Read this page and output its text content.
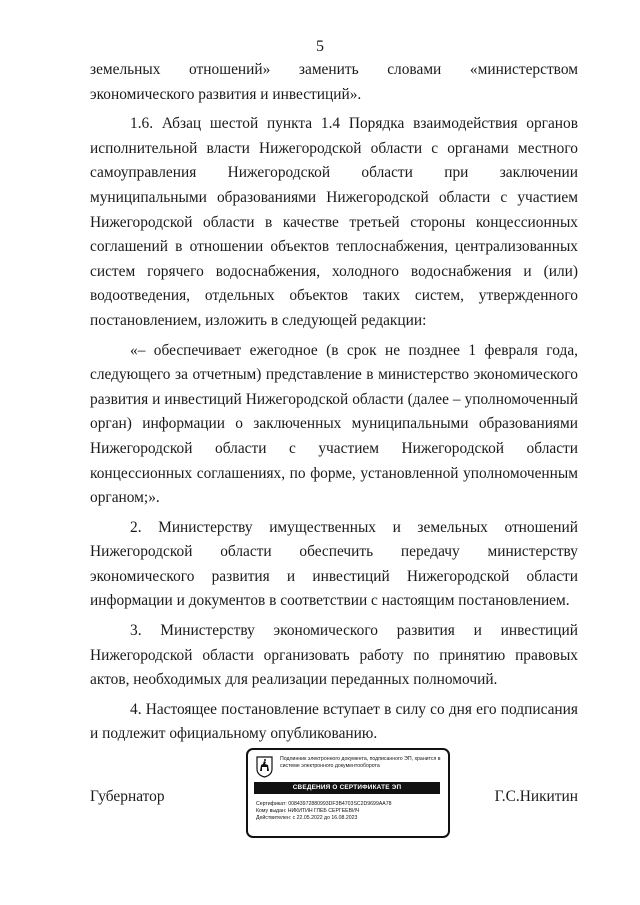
5

земельных отношений» заменить словами «министерством экономического развития и инвестиций».

1.6. Абзац шестой пункта 1.4 Порядка взаимодействия органов исполнительной власти Нижегородской области с органами местного самоуправления Нижегородской области при заключении муниципальными образованиями Нижегородской области с участием Нижегородской области в качестве третьей стороны концессионных соглашений в отношении объектов теплоснабжения, централизованных систем горячего водоснабжения, холодного водоснабжения и (или) водоотведения, отдельных объектов таких систем, утвержденного постановлением, изложить в следующей редакции:

«– обеспечивает ежегодное (в срок не позднее 1 февраля года, следующего за отчетным) представление в министерство экономического развития и инвестиций Нижегородской области (далее – уполномоченный орган) информации о заключенных муниципальными образованиями Нижегородской области с участием Нижегородской области концессионных соглашениях, по форме, установленной уполномоченным органом;».

2. Министерству имущественных и земельных отношений Нижегородской области обеспечить передачу министерству экономического развития и инвестиций Нижегородской области информации и документов в соответствии с настоящим постановлением.

3. Министерству экономического развития и инвестиций Нижегородской области организовать работу по принятию правовых актов, необходимых для реализации переданных полномочий.

4. Настоящее постановление вступает в силу со дня его подписания и подлежит официальному опубликованию.

Губернатор	Г.С.Никитин
Подлинник электронного документа, подписанного ЭП, хранится в системе электронного документооборота
СВЕДЕНИЯ О СЕРТИФИКАТЕ ЭП
Сертификат: 00843972880993DF3B4703SC2D9699AA78
Кому выдан: НИКИТИН ГЛЕБ СЕРГЕЕВИЧ
Действителен: с 22.05.2022 до 16.08.2023
